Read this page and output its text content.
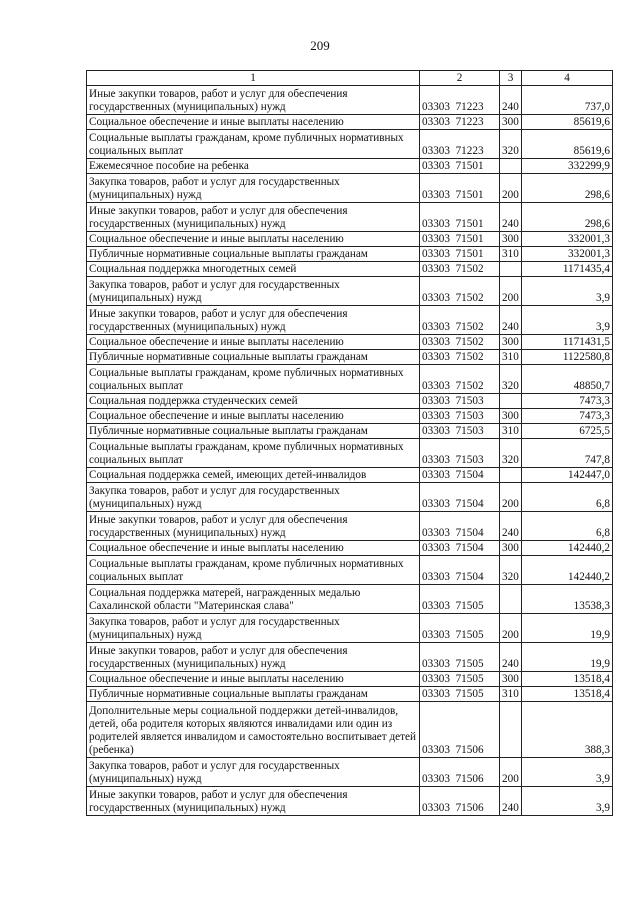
209
1	2	3	4
Иные закупки товаров, работ и услуг для обеспечения государственных (муниципальных) нужд	03303  71223	240	737,0
Социальное обеспечение и иные выплаты населению	03303  71223	300	85619,6
Социальные выплаты гражданам, кроме публичных нормативных социальных выплат	03303  71223	320	85619,6
Ежемесячное пособие на ребенка	03303  71501		332299,9
Закупка товаров, работ и услуг для государственных (муниципальных) нужд	03303  71501	200	298,6
Иные закупки товаров, работ и услуг для обеспечения государственных (муниципальных) нужд	03303  71501	240	298,6
Социальное обеспечение и иные выплаты населению	03303  71501	300	332001,3
Публичные нормативные социальные выплаты гражданам	03303  71501	310	332001,3
Социальная поддержка многодетных семей	03303  71502		1171435,4
Закупка товаров, работ и услуг для государственных (муниципальных) нужд	03303  71502	200	3,9
Иные закупки товаров, работ и услуг для обеспечения государственных (муниципальных) нужд	03303  71502	240	3,9
Социальное обеспечение и иные выплаты населению	03303  71502	300	1171431,5
Публичные нормативные социальные выплаты гражданам	03303  71502	310	1122580,8
Социальные выплаты гражданам, кроме публичных нормативных социальных выплат	03303  71502	320	48850,7
Социальная поддержка студенческих семей	03303  71503		7473,3
Социальное обеспечение и иные выплаты населению	03303  71503	300	7473,3
Публичные нормативные социальные выплаты гражданам	03303  71503	310	6725,5
Социальные выплаты гражданам, кроме публичных нормативных социальных выплат	03303  71503	320	747,8
Социальная поддержка семей, имеющих детей-инвалидов	03303  71504		142447,0
Закупка товаров, работ и услуг для государственных (муниципальных) нужд	03303  71504	200	6,8
Иные закупки товаров, работ и услуг для обеспечения государственных (муниципальных) нужд	03303  71504	240	6,8
Социальное обеспечение и иные выплаты населению	03303  71504	300	142440,2
Социальные выплаты гражданам, кроме публичных нормативных социальных выплат	03303  71504	320	142440,2
Социальная поддержка матерей, награжденных медалью Сахалинской области "Материнская слава"	03303  71505		13538,3
Закупка товаров, работ и услуг для государственных (муниципальных) нужд	03303  71505	200	19,9
Иные закупки товаров, работ и услуг для обеспечения государственных (муниципальных) нужд	03303  71505	240	19,9
Социальное обеспечение и иные выплаты населению	03303  71505	300	13518,4
Публичные нормативные социальные выплаты гражданам	03303  71505	310	13518,4
Дополнительные меры социальной поддержки детей-инвалидов, детей, оба родителя которых являются инвалидами или один из родителей является инвалидом и самостоятельно воспитывает детей (ребенка)	03303  71506		388,3
Закупка товаров, работ и услуг для государственных (муниципальных) нужд	03303  71506	200	3,9
Иные закупки товаров, работ и услуг для обеспечения государственных (муниципальных) нужд	03303  71506	240	3,9
